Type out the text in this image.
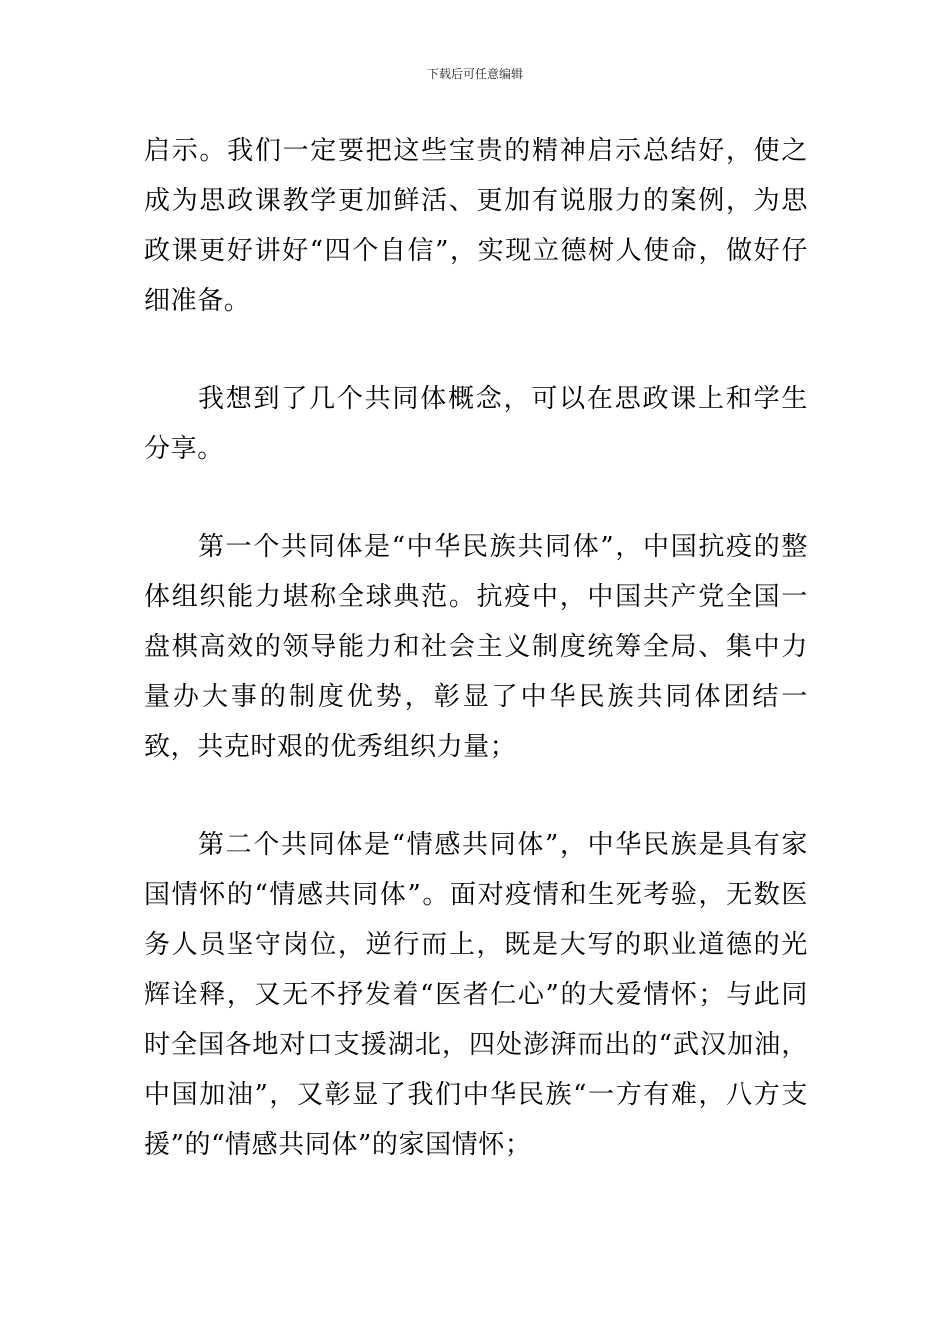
下载后可任意编辑

启示。我们一定要把这些宝贵的精神启示总结好，使之成为思政课教学更加鲜活、更加有说服力的案例，为思政课更好讲好“四个自信”，实现立德树人使命，做好仔细准备。

我想到了几个共同体概念，可以在思政课上和学生分享。

第一个共同体是“中华民族共同体”，中国抗疫的整体组织能力堪称全球典范。抗疫中，中国共产党全国一盘棋高效的领导能力和社会主义制度统筹全局、集中力量办大事的制度优势，彰显了中华民族共同体团结一致，共克时艰的优秀组织力量；

第二个共同体是“情感共同体”，中华民族是具有家国情怀的“情感共同体”。面对疫情和生死考验，无数医务人员坚守岗位，逆行而上，既是大写的职业道德的光辉诠释，又无不抒发着“医者仁心”的大爱情怀；与此同时全国各地对口支援湖北，四处澎湃而出的“武汉加油，中国加油”，又彰显了我们中华民族“一方有难，八方支援”的“情感共同体”的家国情怀；
